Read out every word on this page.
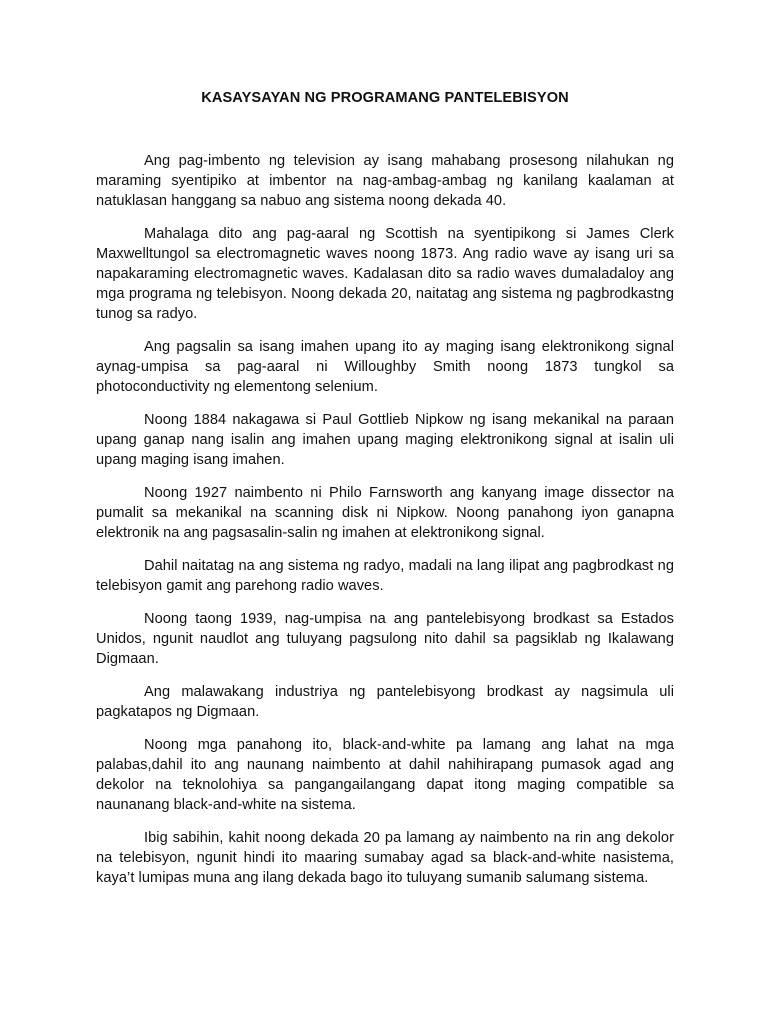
KASAYSAYAN NG PROGRAMANG PANTELEBISYON

Ang pag-imbento ng television ay isang mahabang prosesong nilahukan ng maraming syentipiko at imbentor na nag-ambag-ambag ng kanilang kaalaman at natuklasan hanggang sa nabuo ang sistema noong dekada 40.

Mahalaga dito ang pag-aaral ng Scottish na syentipikong si James Clerk Maxwelltungol sa electromagnetic waves noong 1873. Ang radio wave ay isang uri sa napakaraming electromagnetic waves. Kadalasan dito sa radio waves dumaladaloy ang mga programa ng telebisyon. Noong dekada 20, naitatag ang sistema ng pagbrodkastng tunog sa radyo.

Ang pagsalin sa isang imahen upang ito ay maging isang elektronikong signal aynag-umpisa sa pag-aaral ni Willoughby Smith noong 1873 tungkol sa photoconductivity ng elementong selenium.

Noong 1884 nakagawa si Paul Gottlieb Nipkow ng isang mekanikal na paraan upang ganap nang isalin ang imahen upang maging elektronikong signal at isalin uli upang maging isang imahen.

Noong 1927 naimbento ni Philo Farnsworth ang kanyang image dissector na pumalit sa mekanikal na scanning disk ni Nipkow. Noong panahong iyon ganapna elektronik na ang pagsasalin-salin ng imahen at elektronikong signal.

Dahil naitatag na ang sistema ng radyo, madali na lang ilipat ang pagbrodkast ng telebisyon gamit ang parehong radio waves.

Noong taong 1939, nag-umpisa na ang pantelebisyong brodkast sa Estados Unidos, ngunit naudlot ang tuluyang pagsulong nito dahil sa pagsiklab ng Ikalawang Digmaan.

Ang malawakang industriya ng pantelebisyong brodkast ay nagsimula uli pagkatapos ng Digmaan.

Noong mga panahong ito, black-and-white pa lamang ang lahat na mga palabas,dahil ito ang naunang naimbento at dahil nahihirapang pumasok agad ang dekolor na teknolohiya sa pangangailangang dapat itong maging compatible sa naunanang black-and-white na sistema.

Ibig sabihin, kahit noong dekada 20 pa lamang ay naimbento na rin ang dekolor na telebisyon, ngunit hindi ito maaring sumabay agad sa black-and-white nasistema, kaya’t lumipas muna ang ilang dekada bago ito tuluyang sumanib salumang sistema.
